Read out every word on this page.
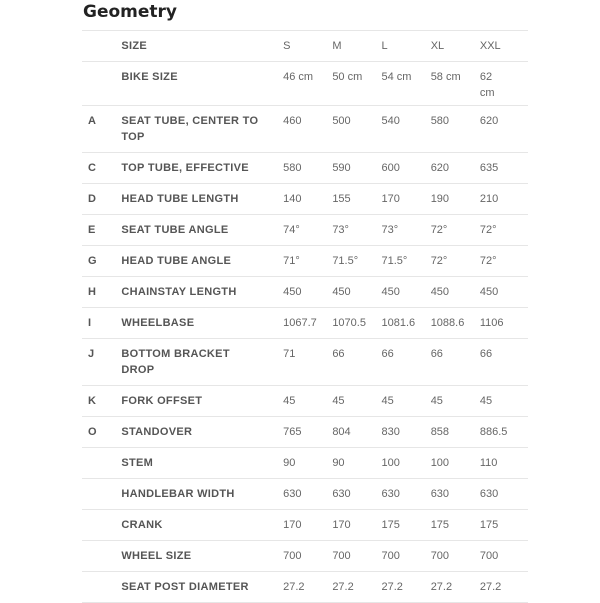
Geometry

	SIZE	S	M	L	XL	XXL

	BIKE SIZE	46 cm	50 cm	54 cm	58 cm	62 cm

A	SEAT TUBE, CENTER TO TOP	460	500	540	580	620

C	TOP TUBE, EFFECTIVE	580	590	600	620	635

D	HEAD TUBE LENGTH	140	155	170	190	210

E	SEAT TUBE ANGLE	74°	73°	73°	72°	72°

G	HEAD TUBE ANGLE	71°	71.5°	71.5°	72°	72°

H	CHAINSTAY LENGTH	450	450	450	450	450

I	WHEELBASE	1067.7	1070.5	1081.6	1088.6	1106

J	BOTTOM BRACKET DROP	71	66	66	66	66

K	FORK OFFSET	45	45	45	45	45

O	STANDOVER	765	804	830	858	886.5

	STEM	90	90	100	100	110

	HANDLEBAR WIDTH	630	630	630	630	630

	CRANK	170	170	175	175	175

	WHEEL SIZE	700	700	700	700	700

	SEAT POST DIAMETER	27.2	27.2	27.2	27.2	27.2
